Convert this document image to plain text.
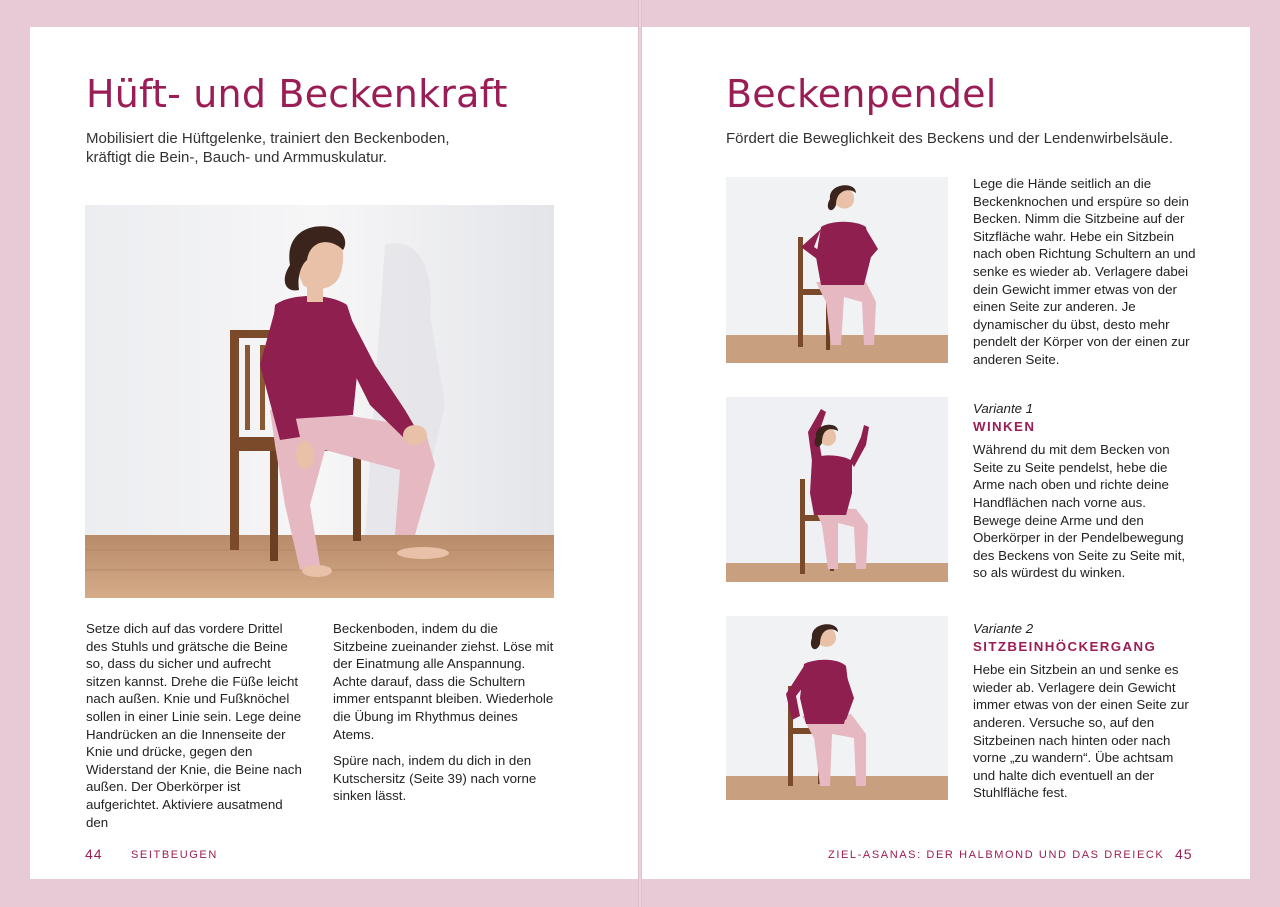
Hüft- und Beckenkraft
Mobilisiert die Hüftgelenke, trainiert den Beckenboden,
kräftigt die Bein-, Bauch- und Armmuskulatur.

Setze dich auf das vordere Drittel des Stuhls und grätsche die Beine so, dass du sicher und aufrecht sitzen kannst. Drehe die Füße leicht nach außen. Knie und Fußknöchel sollen in einer Linie sein. Lege deine Handrücken an die Innenseite der Knie und drücke, gegen den Widerstand der Knie, die Beine nach außen. Der Oberkörper ist aufgerichtet. Aktiviere ausatmend den

Beckenboden, indem du die Sitzbeine zueinander ziehst. Löse mit der Einatmung alle Anspannung. Achte darauf, dass die Schultern immer entspannt bleiben. Wiederhole die Übung im Rhythmus deines Atems.

Spüre nach, indem du dich in den Kutschersitz (Seite 39) nach vorne sinken lässt.

44	SEITBEUGEN
Beckenpendel
Fördert die Beweglichkeit des Beckens und der Lendenwirbelsäule.
Lege die Hände seitlich an die Beckenknochen und erspüre so dein Becken. Nimm die Sitzbeine auf der Sitzfläche wahr. Hebe ein Sitzbein nach oben Richtung Schultern an und senke es wieder ab. Verlagere dabei dein Gewicht immer etwas von der einen Seite zur anderen. Je dynamischer du übst, desto mehr pendelt der Körper von der einen zur anderen Seite.
Variante 1
WINKEN
Während du mit dem Becken von Seite zu Seite pendelst, hebe die Arme nach oben und richte deine Handflächen nach vorne aus. Bewege deine Arme und den Oberkörper in der Pendelbewegung des Beckens von Seite zu Seite mit, so als würdest du winken.
Variante 2
SITZBEINHÖCKERGANG
Hebe ein Sitzbein an und senke es wieder ab. Verlagere dein Gewicht immer etwas von der einen Seite zur anderen. Versuche so, auf den Sitzbeinen nach hinten oder nach vorne „zu wandern“. Übe achtsam und halte dich eventuell an der Stuhlfläche fest.
ZIEL-ASANAS: DER HALBMOND UND DAS DREIECK 45
